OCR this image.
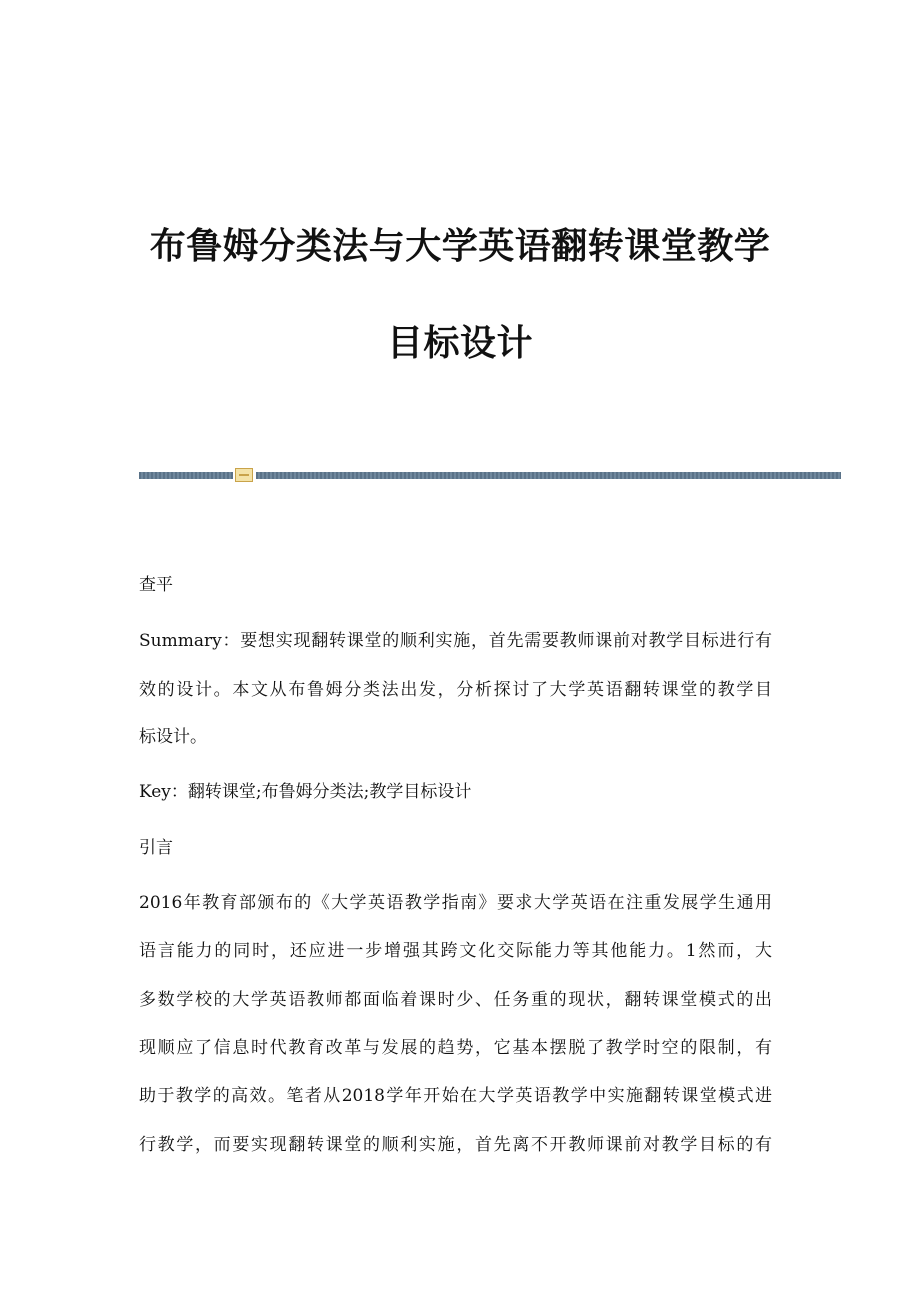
布鲁姆分类法与大学英语翻转课堂教学
目标设计
查平
Summary：要想实现翻转课堂的顺利实施，首先需要教师课前对教学目标进行有
效的设计。本文从布鲁姆分类法出发，分析探讨了大学英语翻转课堂的教学目
标设计。
Key：翻转课堂;布鲁姆分类法;教学目标设计
引言
2016年教育部颁布的《大学英语教学指南》要求大学英语在注重发展学生通用
语言能力的同时，还应进一步增强其跨文化交际能力等其他能力。1然而，大
多数学校的大学英语教师都面临着课时少、任务重的现状，翻转课堂模式的出
现顺应了信息时代教育改革与发展的趋势，它基本摆脱了教学时空的限制，有
助于教学的高效。笔者从2018学年开始在大学英语教学中实施翻转课堂模式进
行教学，而要实现翻转课堂的顺利实施，首先离不开教师课前对教学目标的有
